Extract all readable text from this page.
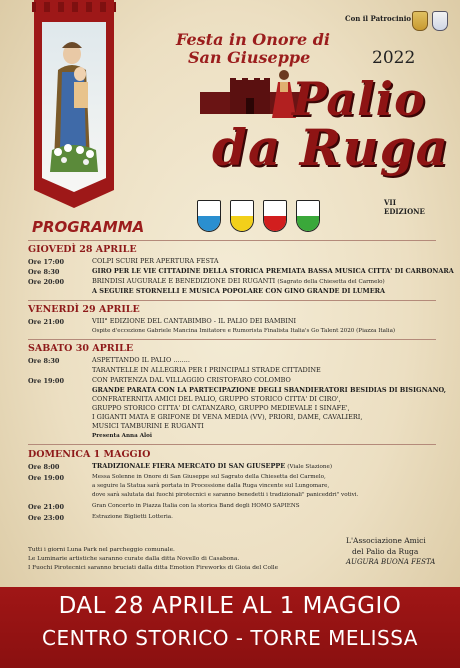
Con il Patrocinio
Festa in Onore di
San Giuseppe	2022
Palio
da Ruga
VII
EDIZIONE
PROGRAMMA
GIOVEDÌ 28 APRILE
Ore 17:00	COLPI SCURI PER APERTURA FESTA
Ore 8:30	GIRO PER LE VIE CITTADINE DELLA STORICA PREMIATA BASSA MUSICA CITTA' DI CARBONARA
Ore 20:00	BRINDISI AUGURALE E BENEDIZIONE DEI RUGANTI (Sagrato della Chiesetta del Carmelo)
A SEGUIRE STORNELLI E MUSICA POPOLARE CON GINO GRANDE DI LUMERA
VENERDÌ 29 APRILE
Ore 21:00	VIII° EDIZIONE DEL CANTABIMBO - IL PALIO DEI BAMBINI
Ospite d'eccezione Gabriele Mancina Imitatore e Rumorista Finalista Italia's Go Talent 2020 (Piazza Italia)
SABATO 30 APRILE
Ore 8:30	ASPETTANDO IL PALIO ........
TARANTELLE IN ALLEGRIA PER I PRINCIPALI STRADE CITTADINE
Ore 19:00	CON PARTENZA DAL VILLAGGIO CRISTOFARO COLOMBO
GRANDE PARATA CON LA PARTECIPAZIONE DEGLI SBANDIERATORI BESIDIAS DI BISIGNANO,
CONFRATERNITA AMICI DEL PALIO, GRUPPO STORICO CITTA' DI CIRO',
GRUPPO STORICO CITTA' DI CATANZARO, GRUPPO MEDIEVALE I SINAFE',
I GIGANTI MATA E GRIFONE DI VENA MEDIA (VV), PRIORI, DAME, CAVALIERI,
MUSICI TAMBURINI E RUGANTI
Presenta Anna Aloi
DOMENICA 1 MAGGIO
Ore 8:00	TRADIZIONALE FIERA MERCATO DI SAN GIUSEPPE (Viale Stazione)
Ore 19:00	Messa Solenne in Onore di San Giuseppe sul Sagrato della Chiesetta del Carmelo,
a seguire la Statua sarà portata in Processione dalla Ruga vincente sul Lungomare,
dove sarà salutata dai fuochi pirotecnici e saranno benedetti i tradizionali" paniceddri" votivi.
Ore 21:00	Gran Concerto in Piazza Italia con la storica Band degli HOMO SAPIENS
Ore 23:00	Estrazione Biglietti Lotteria.
Tutti i giorni Luna Park nel parcheggio comunale.
Le Luminarie artistiche saranno curate dalla ditta Novello di Casabona.
I Fuochi Pirotecnici saranno bruciati dalla ditta Emotion Fireworks di Gioia del Colle
L'Associazione Amici
del Palio da Ruga
AUGURA BUONA FESTA
DAL 28 APRILE AL 1 MAGGIO
CENTRO STORICO - TORRE MELISSA
